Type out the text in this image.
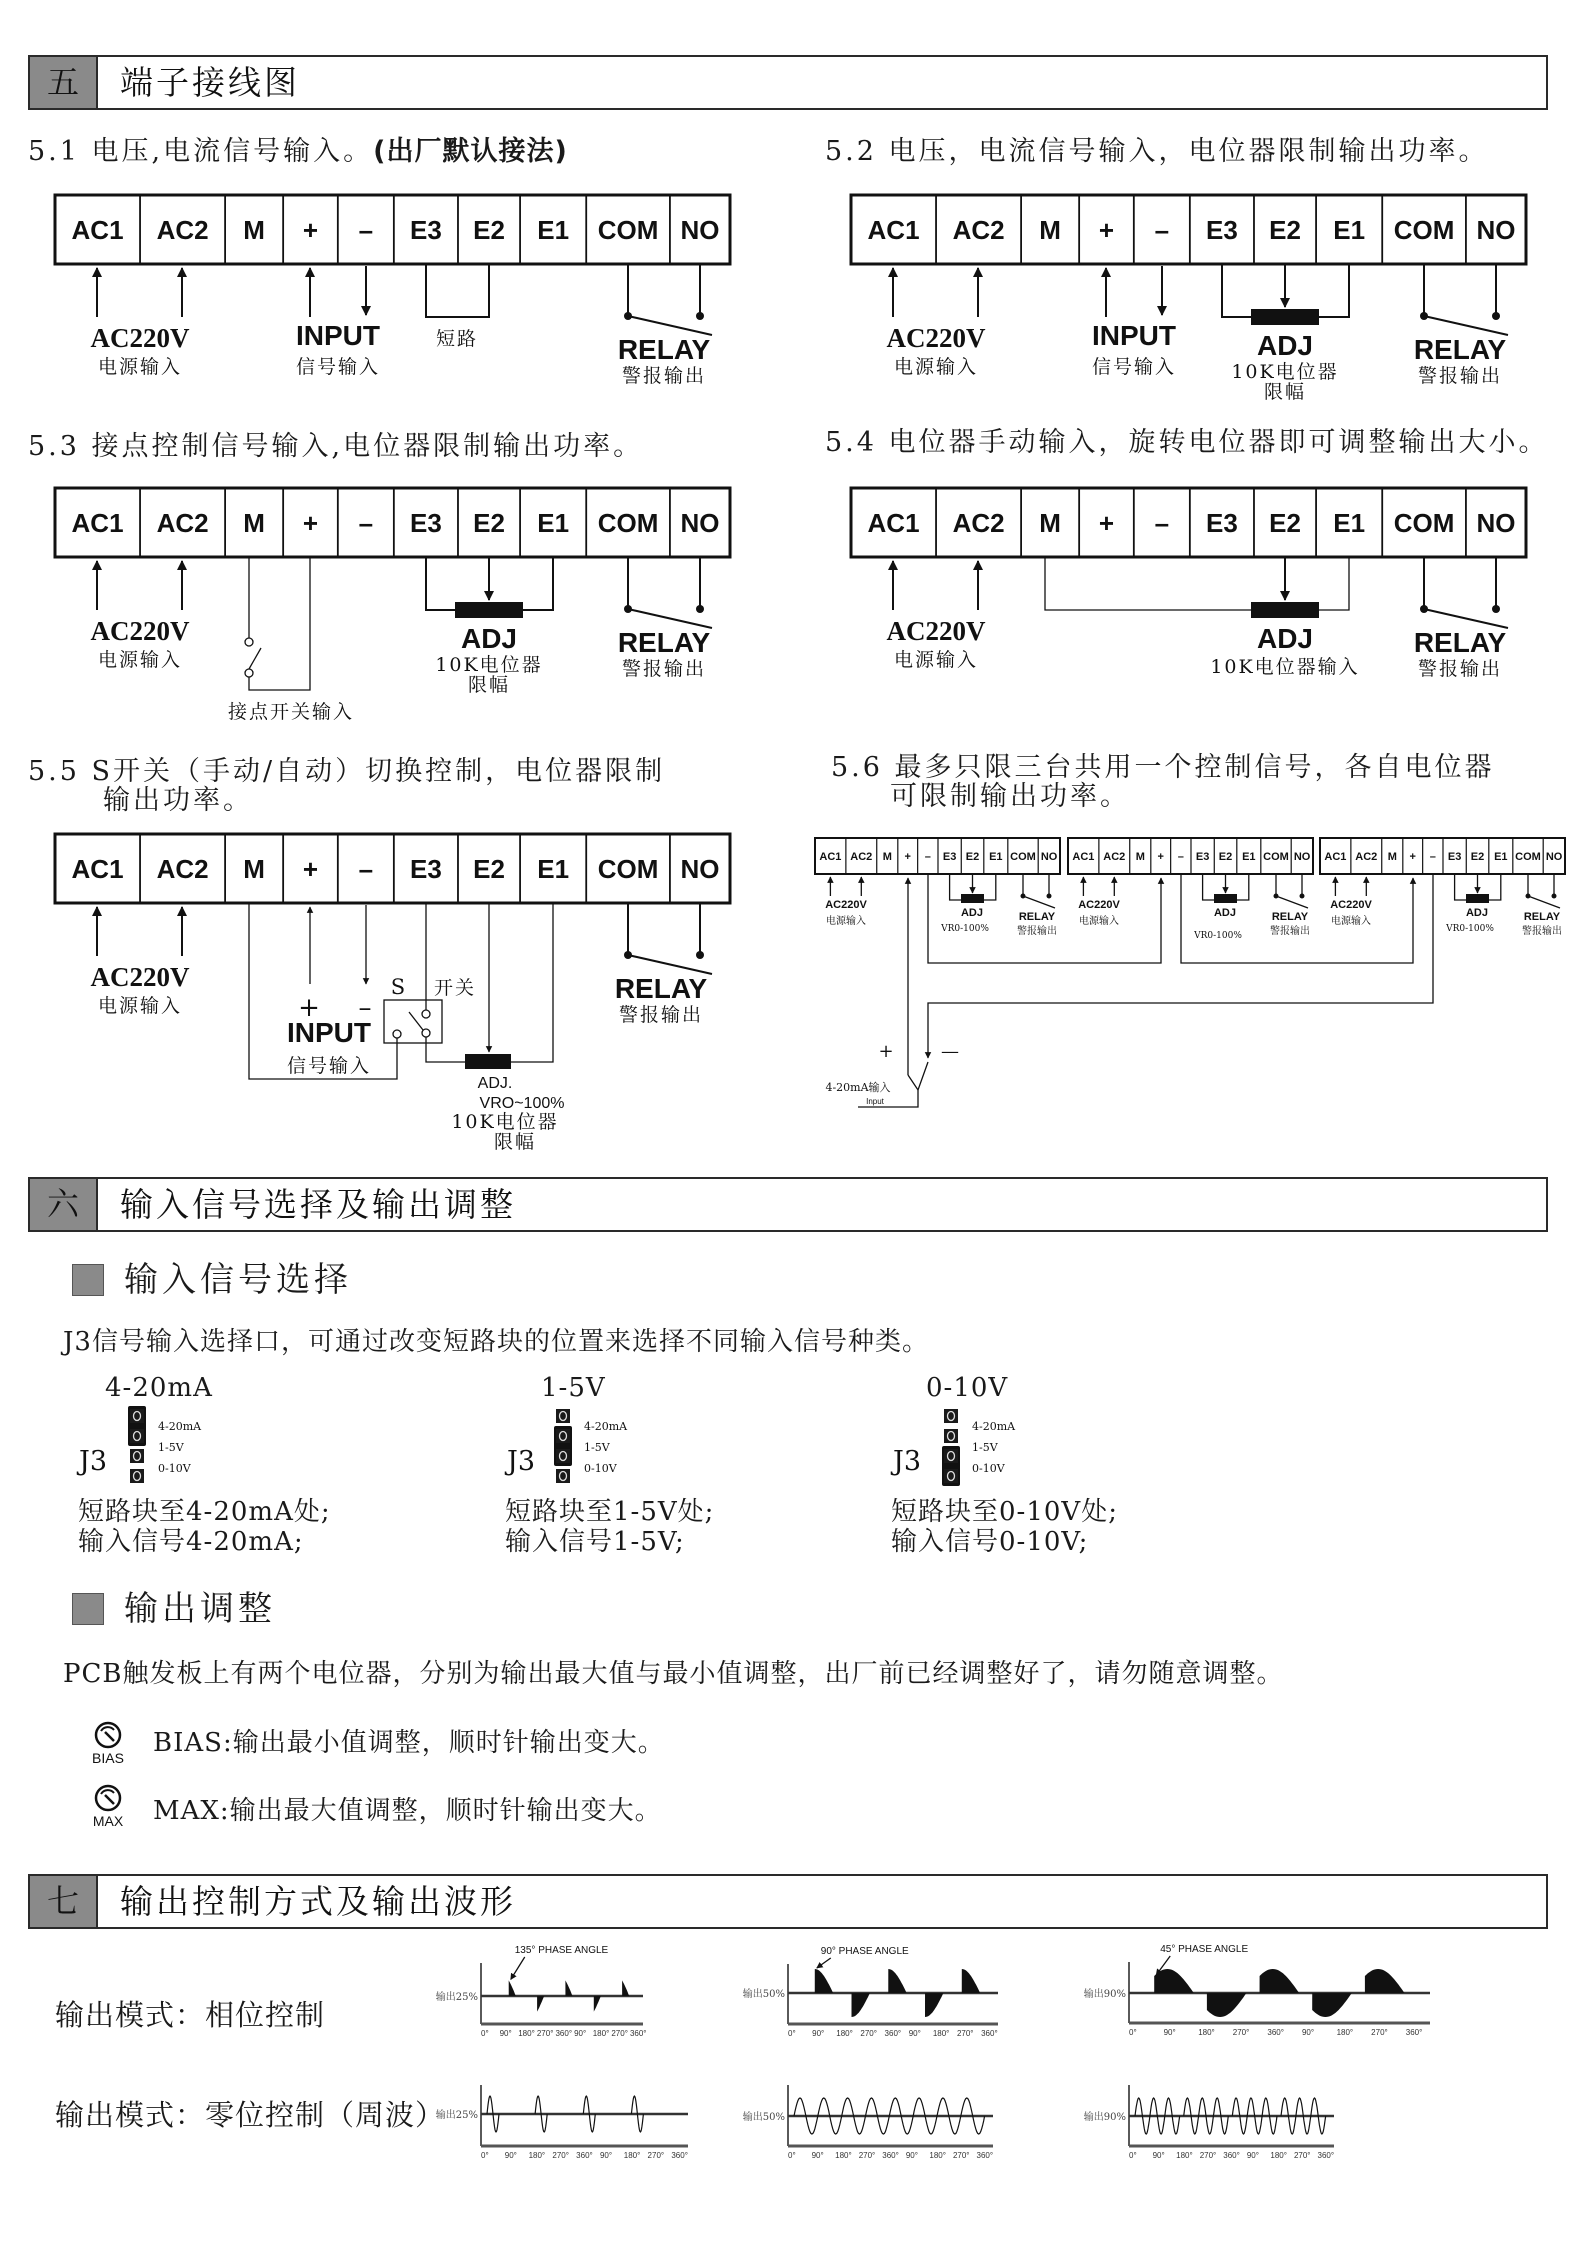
五	端子接线图
5.1 电压,电流信号输入。(出厂默认接法)	5.2 电压，电流信号输入，电位器限制输出功率。
5.3 接点控制信号输入,电位器限制输出功率。	5.4 电位器手动输入，旋转电位器即可调整输出大小。
5.5 S开关（手动/自动）切换控制，电位器限制
输出功率。
5.6 最多只限三台共用一个控制信号，各自电位器
可限制输出功率。
六	输入信号选择及输出调整
输入信号选择
J3信号输入选择口，可通过改变短路块的位置来选择不同输入信号种类。
4-20mA	1-5V	0-10V
短路块至4-20mA处;
输入信号4-20mA;
短路块至1-5V处;
输入信号1-5V;
短路块至0-10V处;
输入信号0-10V;
输出调整
PCB触发板上有两个电位器，分别为输出最大值与最小值调整，出厂前已经调整好了，请勿随意调整。
BIAS:输出最小值调整，顺时针输出变大。
MAX:输出最大值调整，顺时针输出变大。
七	输出控制方式及输出波形
输出模式：相位控制
输出模式：零位控制（周波）
AC1 AC2 M + – E3 E2 E1 COM NO
AC220V
电源输入
INPUT
信号输入
短路	RELAY
警报输出
AC1 AC2 M + – E3 E2 E1 COM NO
AC220V
电源输入
INPUT
信号输入
ADJ
10K电位器
限幅
RELAY
警报输出
AC1 AC2 M + – E3 E2 E1 COM NO
AC220V
电源输入
接点开关输入
ADJ
10K电位器
限幅
RELAY
警报输出
AC1 AC2 M + – E3 E2 E1 COM NO
AC220V
电源输入
ADJ
10K电位器输入
RELAY
警报输出
AC1 AC2 M + – E3 E2 E1 COM NO
AC220V
电源输入	+ –
INPUT
信号输入
S 开关
ADJ.
VRO~100%
10K电位器
限幅
RELAY
警报输出
AC1 AC2 M + – E3 E2 E1 COM NO
AC220V
电源输入
ADJ
VR0-100%
RELAY
警报输出
AC1 AC2 M + – E3 E2 E1 COM NO
AC220V
电源输入
ADJ
VR0-100%
RELAY
警报输出
AC1 AC2 M + – E3 E2 E1 COM NO
AC220V
电源输入
ADJ
VR0-100%
RELAY
警报输出
+	—
4-20mA输入
Input
J3
4-20mA
1-5V
0-10V	J3
4-20mA
1-5V
0-10V	J3
4-20mA
1-5V
0-10V
BIAS
MAX
输出25%
0° 90° 180° 270° 360° 90° 180° 270° 360°
135° PHASE ANGLE
输出50%
0° 90° 180° 270° 360° 90° 180° 270° 360°
90° PHASE ANGLE
输出90%
0°	90°	180° 270° 360° 90°	180° 270° 360°
45° PHASE ANGLE
输出25%
0° 90° 180° 270° 360° 90° 180° 270° 360°
输出50%
0° 90° 180° 270° 360° 90° 180° 270° 360°
输出90%
0° 90° 180° 270° 360° 90° 180° 270° 360°
